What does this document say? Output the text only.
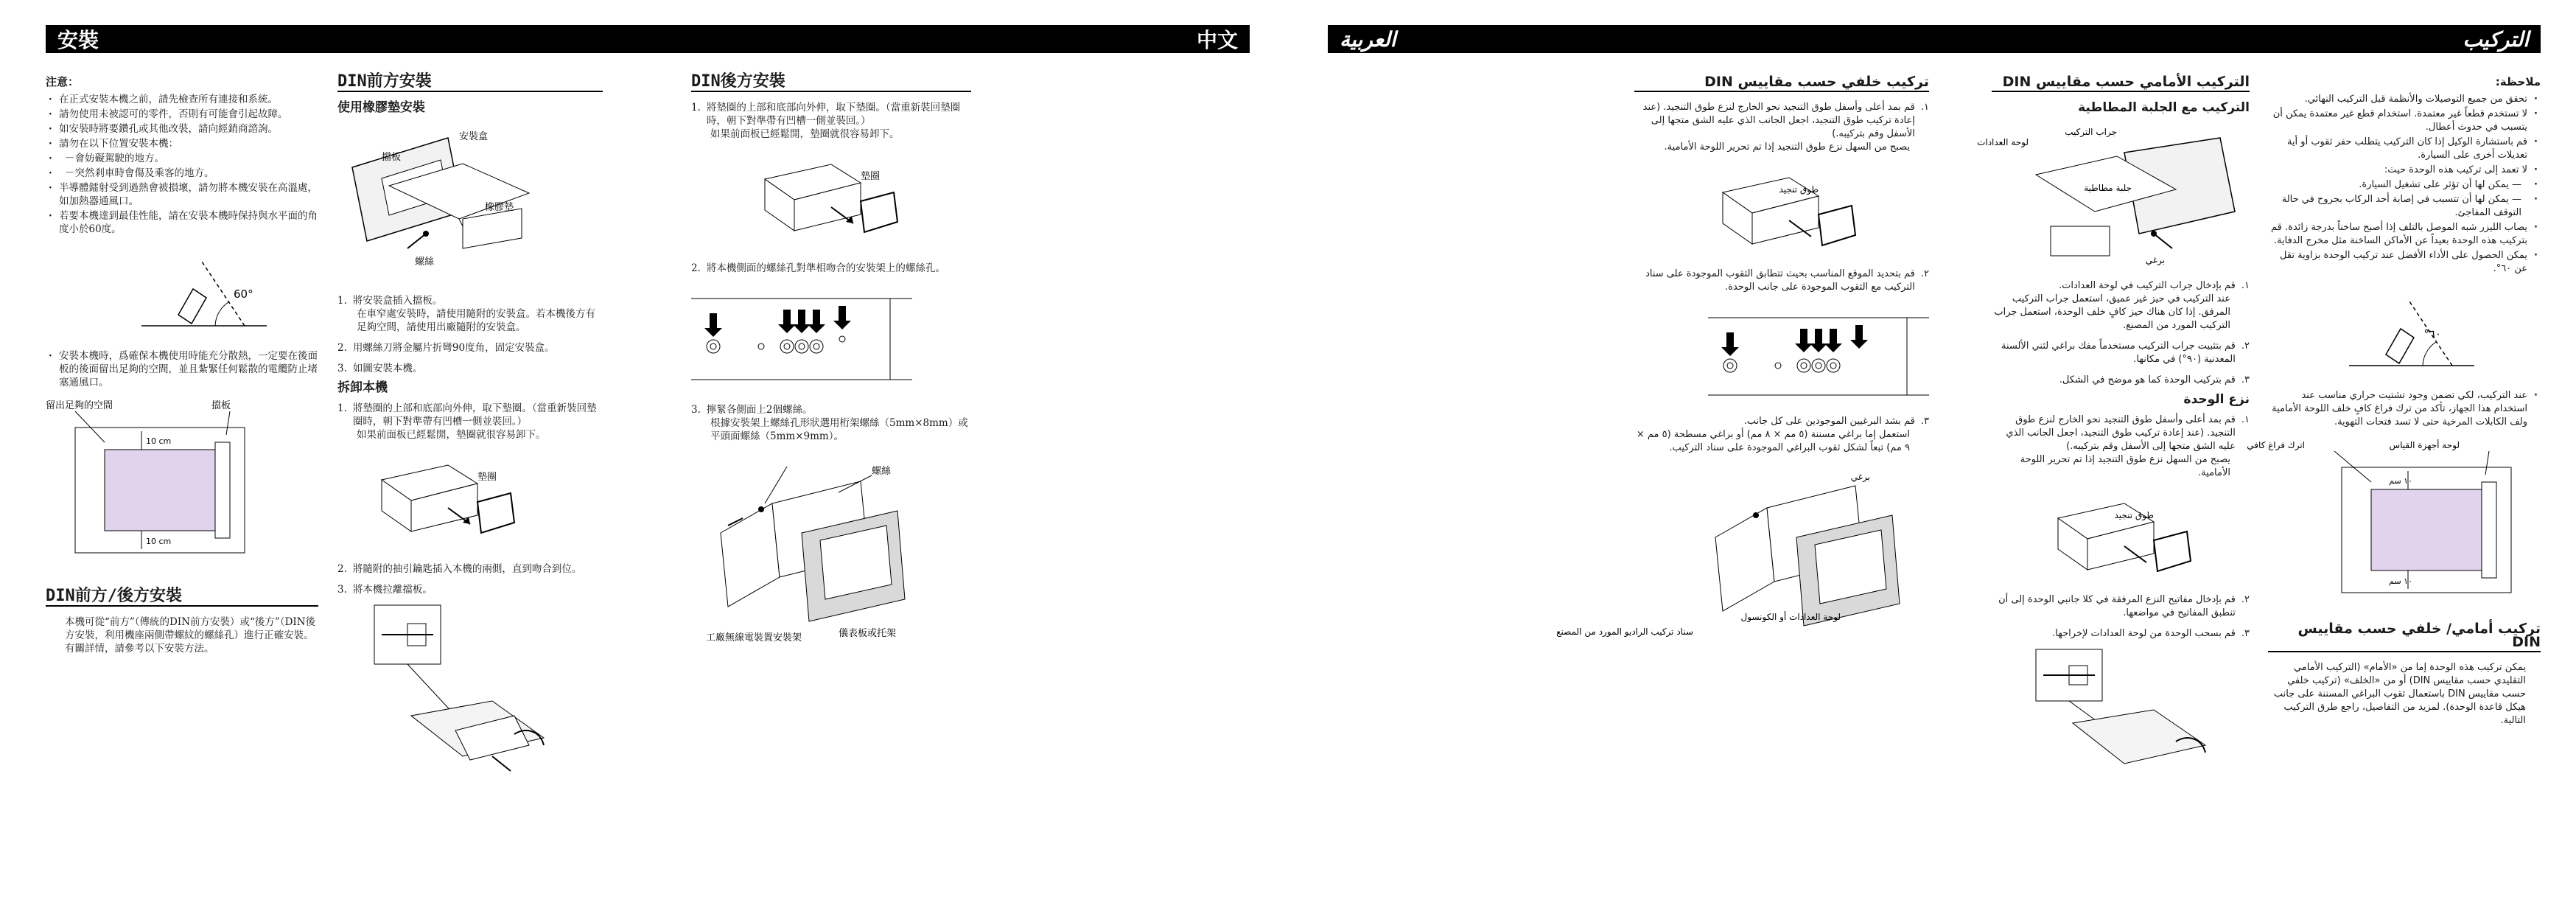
安裝	中文
注意：
· 在正式安裝本機之前，請先檢查所有連接和系統。
· 請勿使用未被認可的零件，否則有可能會引起故障。
· 如安裝時將要鑽孔或其他改裝，請向經銷商諮詢。
· 請勿在以下位置安裝本機：
· －會妨礙駕駛的地方。
· －突然剎車時會傷及乘客的地方。
· 半導體鐳射受到過熱會被損壞，請勿將本機安裝在高溫處，如加熱器通風口。
· 若要本機達到最佳性能，請在安裝本機時保持與水平面的角度小於60度。
60°
· 安裝本機時，爲確保本機使用時能充分散熱，一定要在後面板的後面留出足夠的空間，並且紮緊任何鬆散的電纜防止堵塞通風口。
留出足夠的空間	擋板
10 cm
10 cm
DIN前方/後方安裝

本機可從“前方”（傳統的DIN前方安裝）或“後方”（DIN後方安裝，利用機座兩側帶螺紋的螺絲孔）進行正確安裝。

有關詳情，請參考以下安裝方法。

DIN前方安裝
使用橡膠墊安裝
擋板
安裝盒
橡膠墊
螺絲
1. 將安裝盒插入擋板。
在車窄處安裝時，請使用隨附的安裝盒。若本機後方有足夠空間，請使用出廠隨附的安裝盒。
2. 用螺絲刀將金屬片折彎90度角，固定安裝盒。
3. 如圖安裝本機。
拆卸本機
1. 將墊圈的上部和底部向外伸，取下墊圈。（當重新裝回墊圈時，朝下對準帶有凹槽一側並裝回。）
如果前面板已經鬆開，墊圈就很容易卸下。
墊圈
2. 將隨附的抽引鑰匙插入本機的兩側，直到吻合到位。
3. 將本機拉離擋板。
DIN後方安裝
1. 將墊圈的上部和底部向外伸，取下墊圈。（當重新裝回墊圈時，朝下對準帶有凹槽一側並裝回。）
如果前面板已經鬆開，墊圈就很容易卸下。
墊圈
2. 將本機側面的螺絲孔對準相吻合的安裝架上的螺絲孔。
3. 擰緊各側面上2個螺絲。
根據安裝架上螺絲孔形狀選用桁架螺絲（5mm×8mm）或平頭面螺絲（5mm×9mm）。
螺絲
儀表板或托架
工廠無線電裝置安裝架
العربية	التركيب
ملاحظة:
· تحقق من جميع التوصيلات والأنظمة قبل التركيب النهائي.
· لا تستخدم قطعاً غير معتمدة. استخدام قطع غير معتمدة يمكن أن يتسبب في حدوث أعطال.
· قم باستشارة الوكيل إذا كان التركيب يتطلب حفر ثقوب أو أية تعديلات أخرى على السيارة.
· لا تعمد إلى تركيب هذه الوحدة حيث:
· — يمكن لها أن تؤثر على تشغيل السيارة.
· — يمكن لها أن تتسبب في إصابة أحد الركاب بجروح في حالة التوقف المفاجئ.
· يصاب الليزر شبه الموصل بالتلف إذا أصبح ساخناً بدرجة زائدة. قم بتركيب هذه الوحدة بعيداً عن الأماكن الساخنة مثل مخرج الدفاية.
· يمكن الحصول على الأداء الأفضل عند تركيب الوحدة بزاوية تقل عن ٦٠°.
٦٠°
· عند التركيب، لكي تضمن وجود تشتيت حراري مناسب عند استخدام هذا الجهاز، تأكد من ترك فراغ كافٍ خلف اللوحة الأمامية ولف الكابلات المرخية حتى لا تسد فتحات التهوية.
اترك فراغ كافي	لوحة أجهزة القياس
١٠ سم
١٠ سم
تركيب أمامي/ خلفي حسب مقاييس DIN

يمكن تركيب هذه الوحدة إما من «الأمام» (التركيب الأمامي التقليدي حسب مقاييس DIN) أو من «الخلف» (تركيب خلفي حسب مقاييس DIN باستعمال ثقوب البراغي المسننة على جانب هيكل قاعدة الوحدة). لمزيد من التفاصيل، راجع طرق التركيب التالية.

التركيب الأمامي حسب مقاييس DIN
التركيب مع الجلبة المطاطية
لوحة العدادات
جراب التركيب
جلبة مطاطية
برغي
١.
قم بإدخال جراب التركيب في لوحة العدادات.
عند التركيب في حيز غير عميق، استعمل جراب التركيب المرفق. إذا كان هناك حيز كافٍ خلف الوحدة، استعمل جراب التركيب المورد من المصنع.
٢.
قم بتثبيت جراب التركيب مستخدماً مفك براغي لثني الألسنة المعدنية (٩٠°) في مكانها.
٣.
قم بتركيب الوحدة كما هو موضح في الشكل.
نزع الوحدة
١.
قم بمد أعلى وأسفل طوق التنجيد نحو الخارج لنزع طوق التنجيد. (عند إعادة تركيب طوق التنجيد، اجعل الجانب الذي عليه الشق متجها إلى الأسفل وقم بتركيبه.)
يصبح من السهل نزع طوق التنجيد إذا تم تحرير اللوحة الأمامية.
طوق تنجيد
٢.
قم بإدخال مفاتيح النزع المرفقة في كلا جانبي الوحدة إلى أن تنطبق المفاتيح في مواضعها.
٣.
قم بسحب الوحدة من لوحة العدادات لإخراجها.
تركيب خلفي حسب مقاييس DIN
١.
قم بمد أعلى وأسفل طوق التنجيد نحو الخارج لنزع طوق التنجيد. (عند إعادة تركيب طوق التنجيد، اجعل الجانب الذي عليه الشق متجها إلى الأسفل وقم بتركيبه.)
يصبح من السهل نزع طوق التنجيد إذا تم تحرير اللوحة الأمامية.
طوق تنجيد
٢.
قم بتحديد الموقع المناسب بحيث تتطابق الثقوب الموجودة على سناد التركيب مع الثقوب الموجودة على جانب الوحدة.
٣.
قم بشد البرغيين الموجودين على كل جانب.
استعمل إما براغي مسننة (٥ مم × ٨ مم) أو براغي مسطحة (٥ مم × ٩ مم) تبعاً لشكل ثقوب البراغي الموجودة على سناد التركيب.
برغي
لوحة العدادات أو الكونسول
سناد تركيب الراديو المورد من المصنع
